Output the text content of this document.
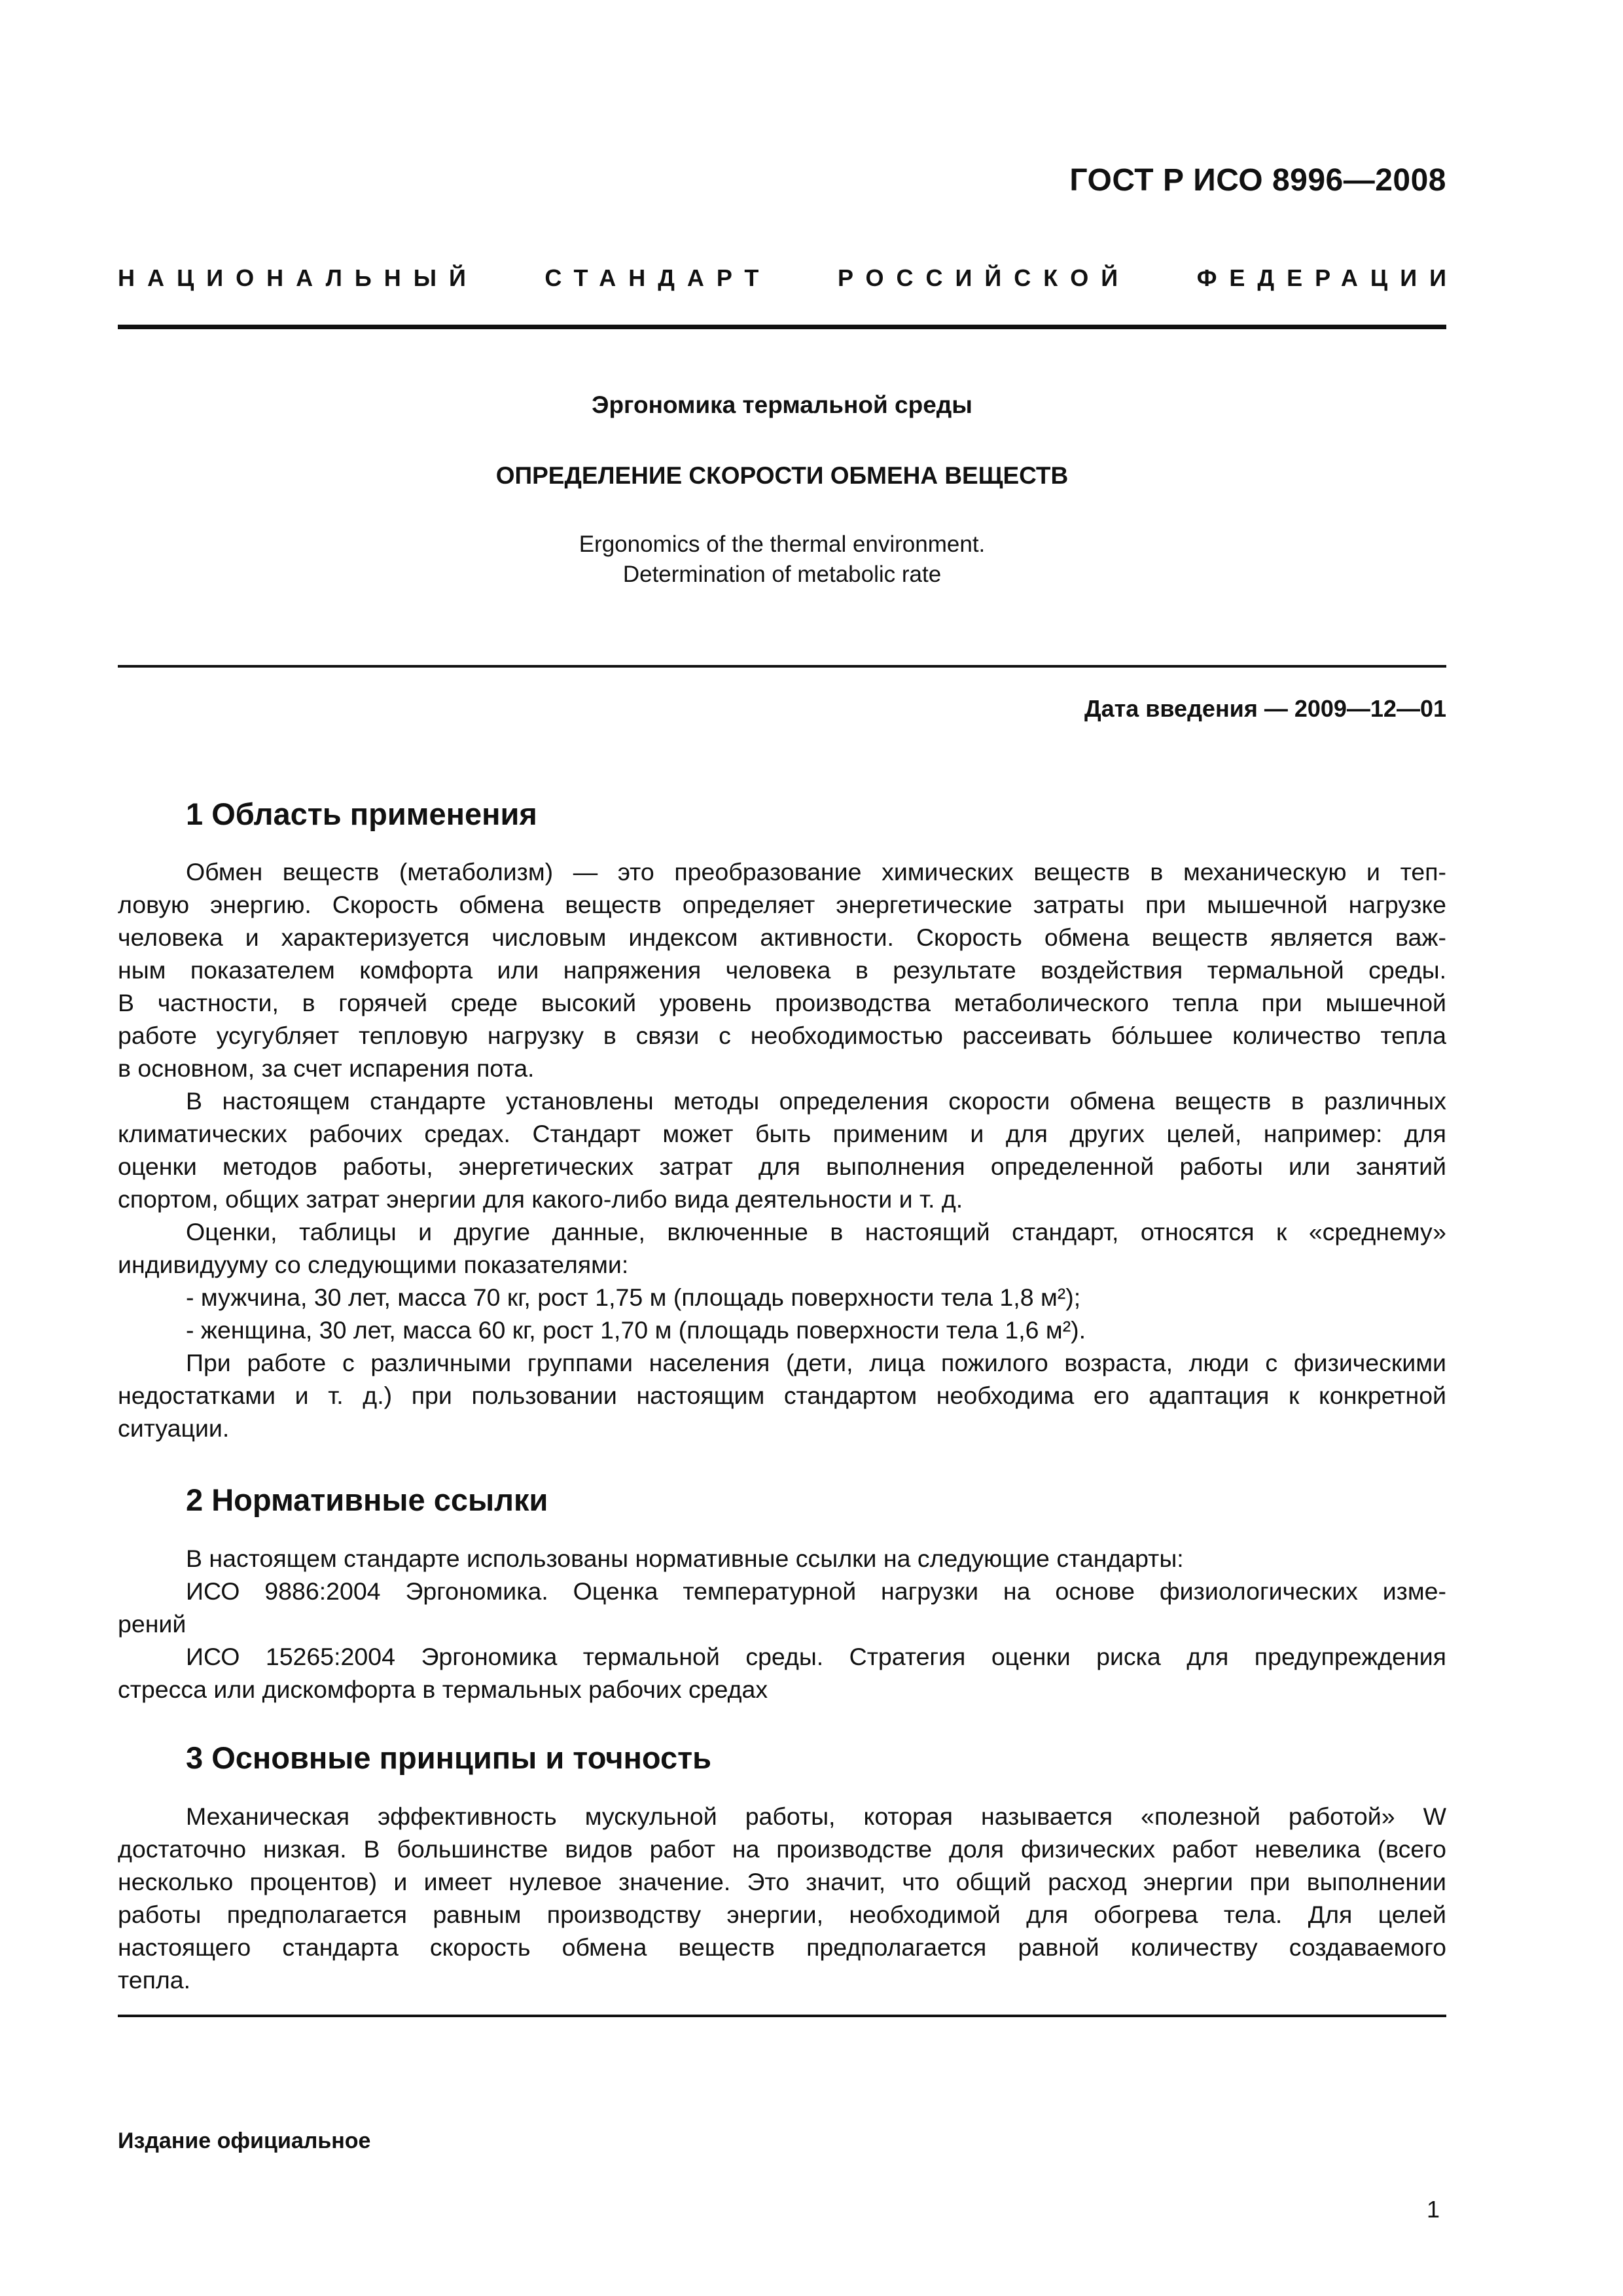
ГОСТ Р ИСО 8996—2008
НАЦИОНАЛЬНЫЙ	СТАНДАРТ	РОССИЙСКОЙ	ФЕДЕРАЦИИ
Эргономика термальной среды
ОПРЕДЕЛЕНИЕ СКОРОСТИ ОБМЕНА ВЕЩЕСТВ
Ergonomics of the thermal environment.
Determination of metabolic rate
Дата введения — 2009—12—01
1 Область применения
Обмен веществ (метаболизм) — это преобразование химических веществ в механическую и теп-
ловую энергию. Скорость обмена веществ определяет энергетические затраты при мышечной нагрузке
человека и характеризуется числовым индексом активности. Скорость обмена веществ является важ-
ным показателем комфорта или напряжения человека в результате воздействия термальной среды.
В частности, в горячей среде высокий уровень производства метаболического тепла при мышечной
работе усугубляет тепловую нагрузку в связи с необходимостью рассеивать бо́льшее количество тепла
в основном, за счет испарения пота.
В настоящем стандарте установлены методы определения скорости обмена веществ в различных
климатических рабочих средах. Стандарт может быть применим и для других целей, например: для
оценки методов работы, энергетических затрат для выполнения определенной работы или занятий
спортом, общих затрат энергии для какого-либо вида деятельности и т. д.
Оценки, таблицы и другие данные, включенные в настоящий стандарт, относятся к «среднему»
индивидууму со следующими показателями:
- мужчина, 30 лет, масса 70 кг, рост 1,75 м (площадь поверхности тела 1,8 м²);
- женщина, 30 лет, масса 60 кг, рост 1,70 м (площадь поверхности тела 1,6 м²).
При работе с различными группами населения (дети, лица пожилого возраста, люди с физическими
недостатками и т. д.) при пользовании настоящим стандартом необходима его адаптация к конкретной
ситуации.
2 Нормативные ссылки
В настоящем стандарте использованы нормативные ссылки на следующие стандарты:
ИСО 9886:2004 Эргономика. Оценка температурной нагрузки на основе физиологических изме-
рений
ИСО 15265:2004 Эргономика термальной среды. Стратегия оценки риска для предупреждения
стресса или дискомфорта в термальных рабочих средах
3 Основные принципы и точность
Механическая эффективность мускульной работы, которая называется «полезной работой» W
достаточно низкая. В большинстве видов работ на производстве доля физических работ невелика (всего
несколько процентов) и имеет нулевое значение. Это значит, что общий расход энергии при выполнении
работы предполагается равным производству энергии, необходимой для обогрева тела. Для целей
настоящего стандарта скорость обмена веществ предполагается равной количеству создаваемого
тепла.
Издание официальное
1
